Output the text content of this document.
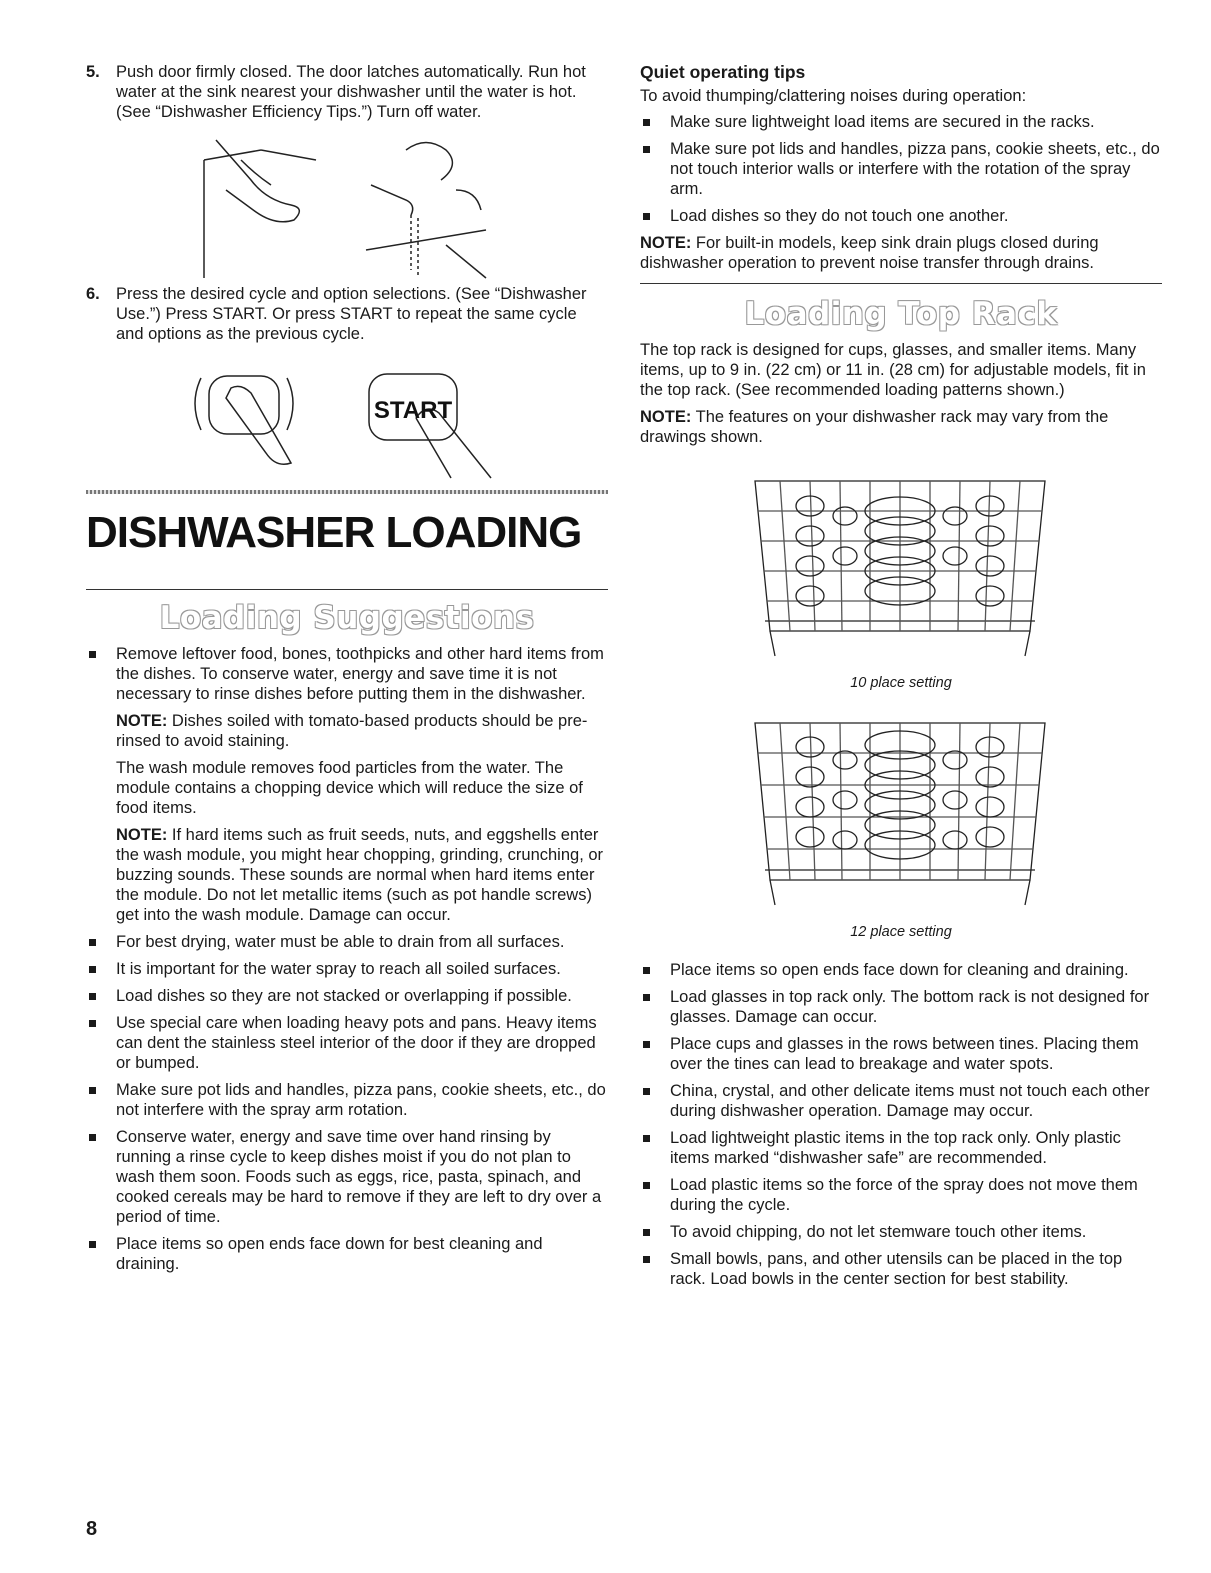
5. Push door firmly closed. The door latches automatically. Run hot water at the sink nearest your dishwasher until the water is hot. (See “Dishwasher Efficiency Tips.”) Turn off water.

6. Press the desired cycle and option selections. (See “Dishwasher Use.”) Press START. Or press START to repeat the same cycle and options as the previous cycle.

START
DISHWASHER LOADING
Loading Suggestions

Remove leftover food, bones, toothpicks and other hard items from the dishes. To conserve water, energy and save time it is not necessary to rinse dishes before putting them in the dishwasher.

NOTE: Dishes soiled with tomato-based products should be pre-rinsed to avoid staining.

The wash module removes food particles from the water. The module contains a chopping device which will reduce the size of food items.

NOTE: If hard items such as fruit seeds, nuts, and eggshells enter the wash module, you might hear chopping, grinding, crunching, or buzzing sounds. These sounds are normal when hard items enter the module. Do not let metallic items (such as pot handle screws) get into the wash module. Damage can occur.

For best drying, water must be able to drain from all surfaces.

It is important for the water spray to reach all soiled surfaces.

Load dishes so they are not stacked or overlapping if possible.

Use special care when loading heavy pots and pans. Heavy items can dent the stainless steel interior of the door if they are dropped or bumped.

Make sure pot lids and handles, pizza pans, cookie sheets, etc., do not interfere with the spray arm rotation.

Conserve water, energy and save time over hand rinsing by running a rinse cycle to keep dishes moist if you do not plan to wash them soon. Foods such as eggs, rice, pasta, spinach, and cooked cereals may be hard to remove if they are left to dry over a period of time.

Place items so open ends face down for best cleaning and draining.

Quiet operating tips

To avoid thumping/clattering noises during operation:

Make sure lightweight load items are secured in the racks.

Make sure pot lids and handles, pizza pans, cookie sheets, etc., do not touch interior walls or interfere with the rotation of the spray arm.

Load dishes so they do not touch one another.

NOTE: For built-in models, keep sink drain plugs closed during dishwasher operation to prevent noise transfer through drains.

Loading Top Rack

The top rack is designed for cups, glasses, and smaller items. Many items, up to 9 in. (22 cm) or 11 in. (28 cm) for adjustable models, fit in the top rack. (See recommended loading patterns shown.)

NOTE: The features on your dishwasher rack may vary from the drawings shown.

10 place setting

12 place setting

Place items so open ends face down for cleaning and draining.

Load glasses in top rack only. The bottom rack is not designed for glasses. Damage can occur.

Place cups and glasses in the rows between tines. Placing them over the tines can lead to breakage and water spots.

China, crystal, and other delicate items must not touch each other during dishwasher operation. Damage may occur.

Load lightweight plastic items in the top rack only. Only plastic items marked “dishwasher safe” are recommended.

Load plastic items so the force of the spray does not move them during the cycle.

To avoid chipping, do not let stemware touch other items.

Small bowls, pans, and other utensils can be placed in the top rack. Load bowls in the center section for best stability.

8
